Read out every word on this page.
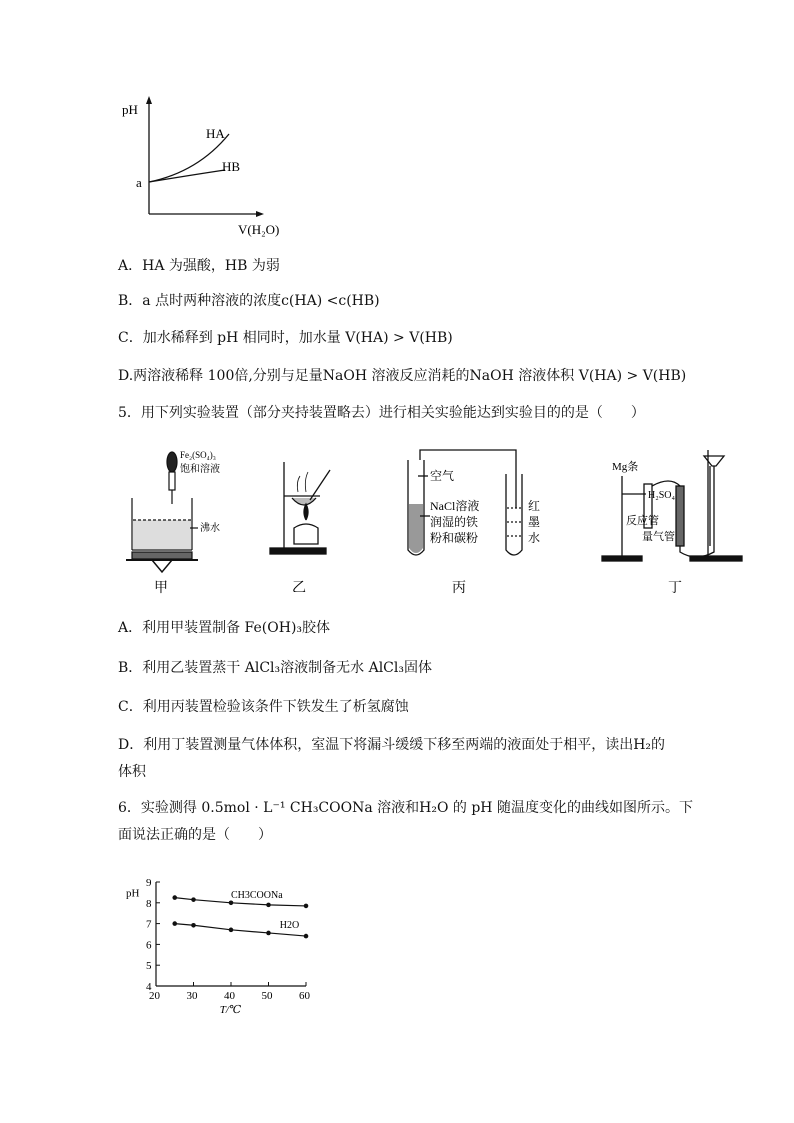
pH
V(H₂O)
a
HA
HB
A．HA 为强酸，HB 为弱
B．a 点时两种溶液的浓度c(HA) <c(HB)
C．加水稀释到 pH 相同时，加水量 V(HA) > V(HB)
D.两溶液稀释 100倍,分别与足量NaOH 溶液反应消耗的NaOH 溶液体积 V(HA) > V(HB)
5．用下列实验装置（部分夹持装置略去）进行相关实验能达到实验目的的是（　　）
Fe₂(SO₄)₃
饱和溶液
沸水
甲	乙
空气
NaCl溶液
润湿的铁
粉和碳粉
红
墨
水
丙
Mg条
H₂SO₄
反应管
量气管
丁
A．利用甲装置制备 Fe(OH)₃胶体
B．利用乙装置蒸干 AlCl₃溶液制备无水 AlCl₃固体
C．利用丙装置检验该条件下铁发生了析氢腐蚀
D．利用丁装置测量气体体积，室温下将漏斗缓缓下移至两端的液面处于相平，读出H₂的
体积
6．实验测得 0.5mol · L⁻¹ CH₃COONa 溶液和H₂O 的 pH 随温度变化的曲线如图所示。下
面说法正确的是（　　）
4
5
6
7
8
9
20 30 40 50 60
pH
T/℃
CH3COONa
H2O
